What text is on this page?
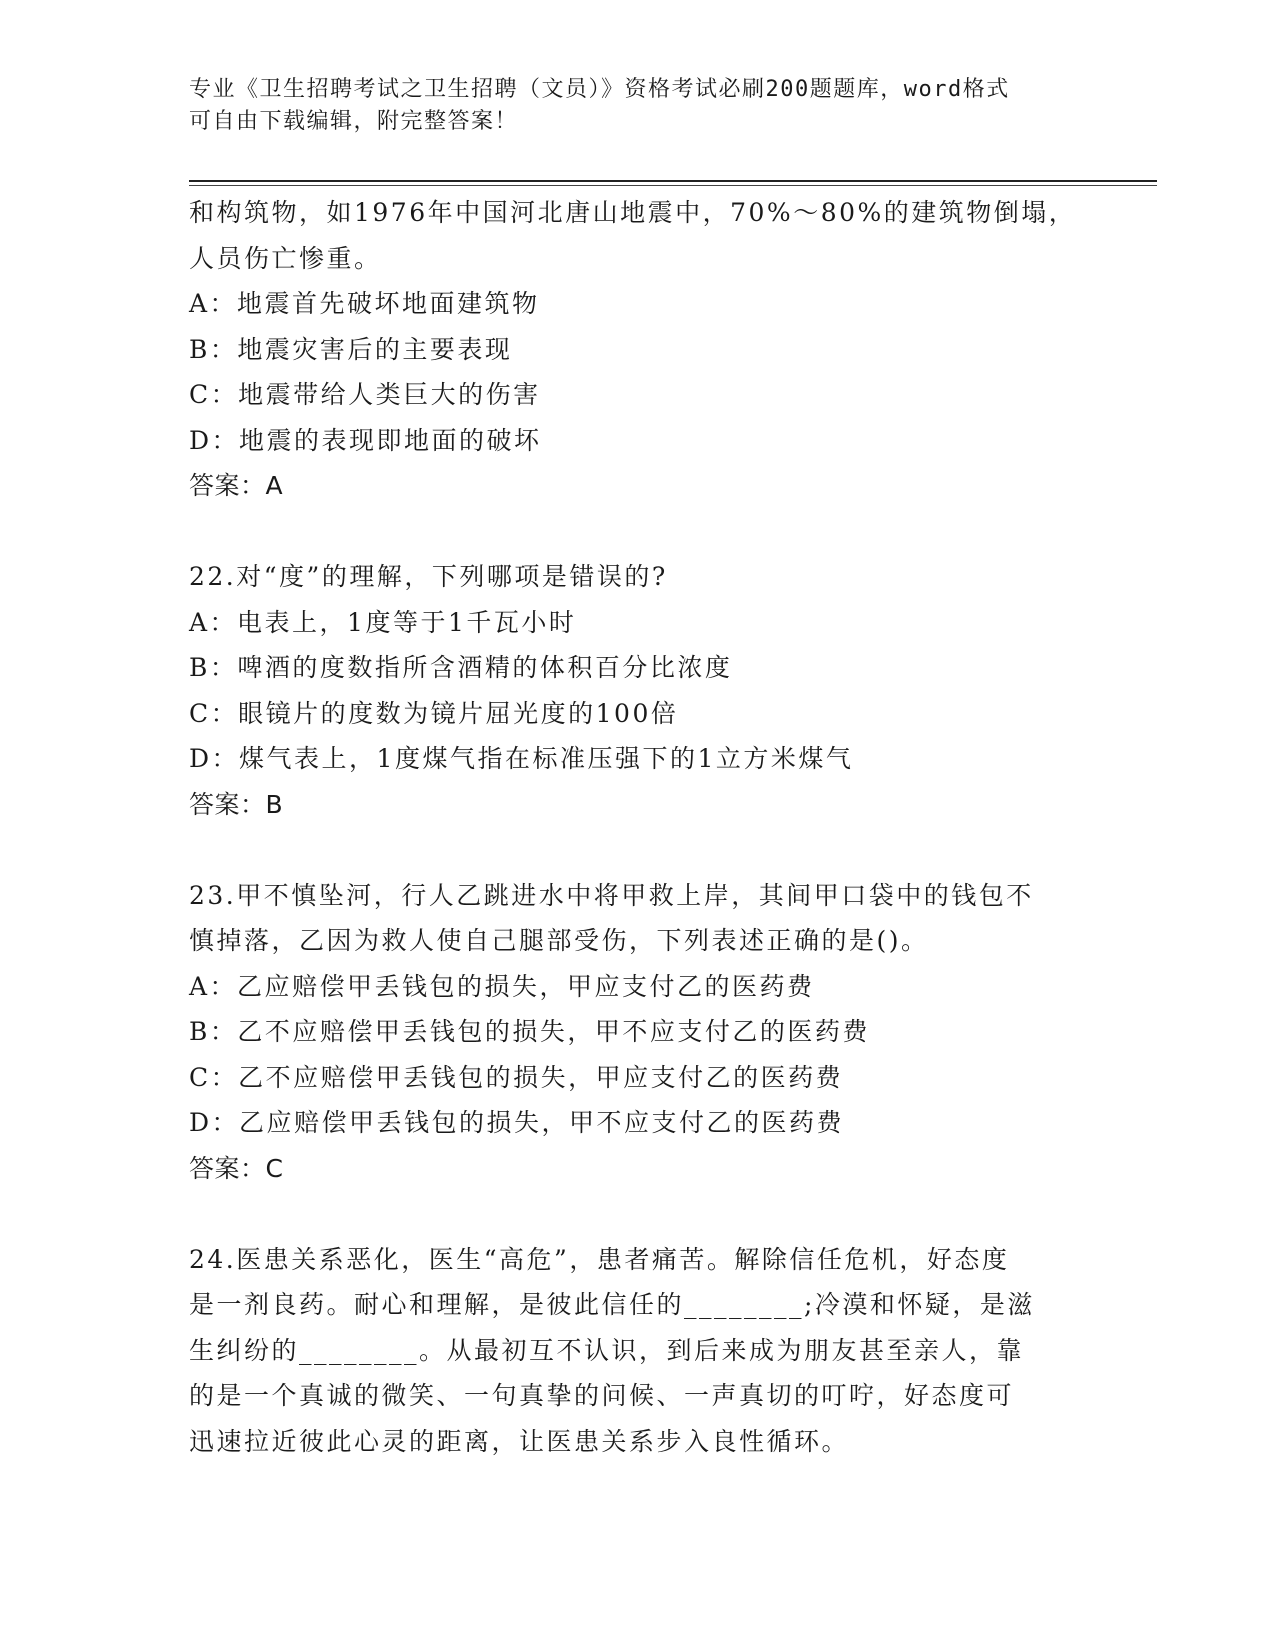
专业《卫生招聘考试之卫生招聘（文员）》资格考试必刷200题题库，word格式
可自由下载编辑，附完整答案！
和构筑物，如1976年中国河北唐山地震中，70%～80%的建筑物倒塌，
人员伤亡惨重。
A：地震首先破坏地面建筑物
B：地震灾害后的主要表现
C：地震带给人类巨大的伤害
D：地震的表现即地面的破坏
答案：A
22.对“度”的理解，下列哪项是错误的?
A：电表上，1度等于1千瓦小时
B：啤酒的度数指所含酒精的体积百分比浓度
C：眼镜片的度数为镜片屈光度的100倍
D：煤气表上，1度煤气指在标准压强下的1立方米煤气
答案：B
23.甲不慎坠河，行人乙跳进水中将甲救上岸，其间甲口袋中的钱包不
慎掉落，乙因为救人使自己腿部受伤，下列表述正确的是()。
A：乙应赔偿甲丢钱包的损失，甲应支付乙的医药费
B：乙不应赔偿甲丢钱包的损失，甲不应支付乙的医药费
C：乙不应赔偿甲丢钱包的损失，甲应支付乙的医药费
D：乙应赔偿甲丢钱包的损失，甲不应支付乙的医药费
答案：C
24.医患关系恶化，医生“高危”，患者痛苦。解除信任危机，好态度
是一剂良药。耐心和理解，是彼此信任的________;冷漠和怀疑，是滋
生纠纷的________。从最初互不认识，到后来成为朋友甚至亲人，靠
的是一个真诚的微笑、一句真挚的问候、一声真切的叮咛，好态度可
迅速拉近彼此心灵的距离，让医患关系步入良性循环。
